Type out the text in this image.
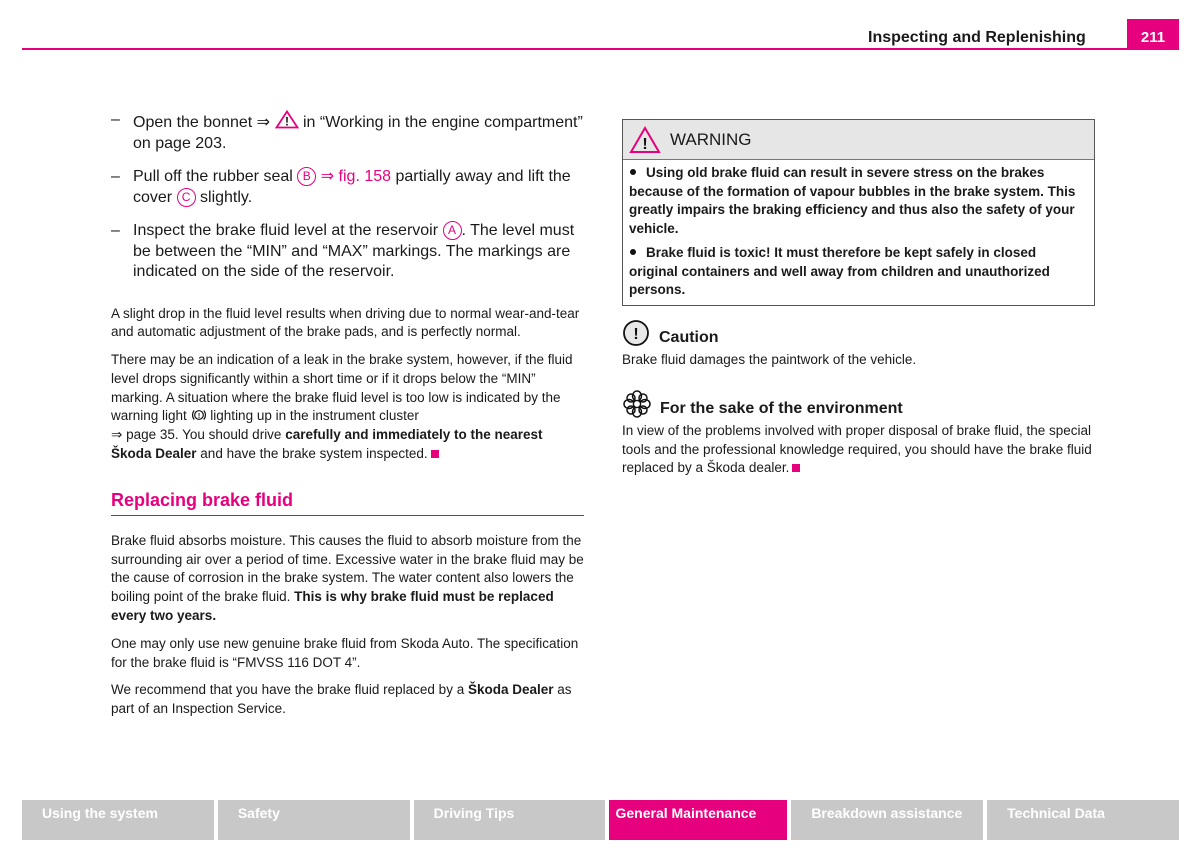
Inspecting and Replenishing	211
– Open the bonnet ⇒ ! in “Working in the engine compartment” on page 203.
– Pull off the rubber seal B ⇒ fig. 158 partially away and lift the cover C slightly.
– Inspect the brake fluid level at the reservoir A . The level must be between the “MIN” and “MAX” markings. The markings are indicated on the side of the reservoir.

A slight drop in the fluid level results when driving due to normal wear-and-tear and automatic adjustment of the brake pads, and is perfectly normal.

There may be an indication of a leak in the brake system, however, if the fluid level drops significantly within a short time or if it drops below the “MIN” marking. A situation where the brake fluid level is too low is indicated by the warning light ! lighting up in the instrument cluster
⇒ page 35. You should drive carefully and immediately to the nearest Škoda Dealer and have the brake system inspected.

Replacing brake fluid

Brake fluid absorbs moisture. This causes the fluid to absorb moisture from the surrounding air over a period of time. Excessive water in the brake fluid may be the cause of corrosion in the brake system. The water content also lowers the boiling point of the brake fluid. This is why brake fluid must be replaced every two years.

One may only use new genuine brake fluid from Skoda Auto. The specification for the brake fluid is “FMVSS 116 DOT 4”.

We recommend that you have the brake fluid replaced by a Škoda Dealer as part of an Inspection Service.

! WARNING

Using old brake fluid can result in severe stress on the brakes because of the formation of vapour bubbles in the brake system. This greatly impairs the braking efficiency and thus also the safety of your vehicle.

Brake fluid is toxic! It must therefore be kept safely in closed original containers and well away from children and unauthorized persons.

! Caution
Brake fluid damages the paintwork of the vehicle.
For the sake of the environment
In view of the problems involved with proper disposal of brake fluid, the special tools and the professional knowledge required, you should have the brake fluid replaced by a Škoda dealer.
Using the system	Safety	Driving Tips	General Maintenance	Breakdown assistance	Technical Data
